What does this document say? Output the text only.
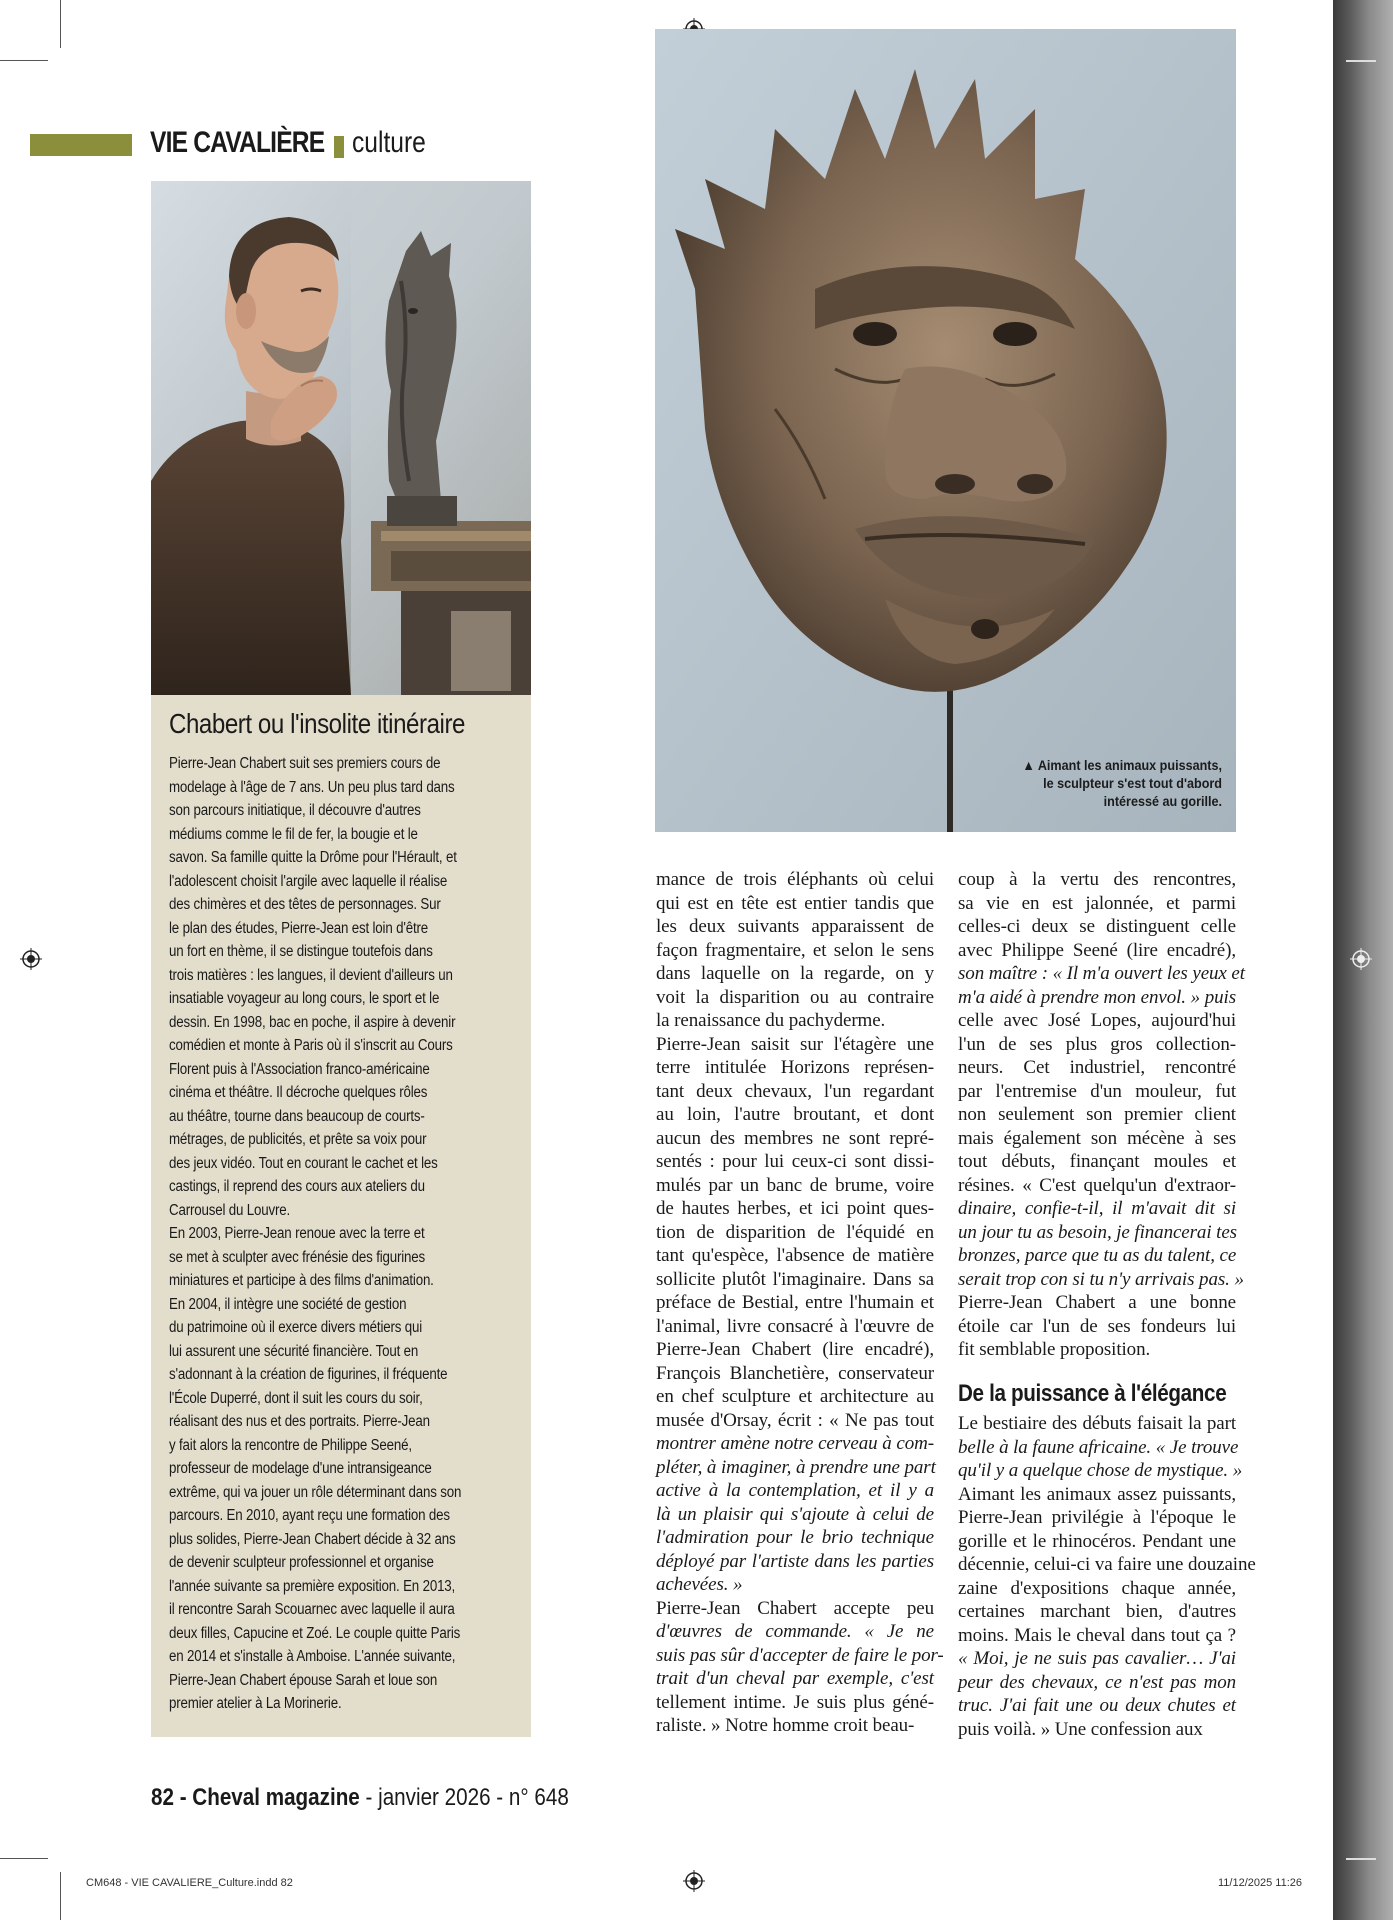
VIE CAVALIÈRE culture
▲ Aimant les animaux puissants,
le sculpteur s'est tout d'abord
intéressé au gorille.
Chabert ou l'insolite itinéraire
Pierre-Jean Chabert suit ses premiers cours de
modelage à l'âge de 7 ans. Un peu plus tard dans
son parcours initiatique, il découvre d'autres
médiums comme le fil de fer, la bougie et le
savon. Sa famille quitte la Drôme pour l'Hérault, et
l'adolescent choisit l'argile avec laquelle il réalise
des chimères et des têtes de personnages. Sur
le plan des études, Pierre-Jean est loin d'être
un fort en thème, il se distingue toutefois dans
trois matières : les langues, il devient d'ailleurs un
insatiable voyageur au long cours, le sport et le
dessin. En 1998, bac en poche, il aspire à devenir
comédien et monte à Paris où il s'inscrit au Cours
Florent puis à l'Association franco-américaine
cinéma et théâtre. Il décroche quelques rôles
au théâtre, tourne dans beaucoup de courts-
métrages, de publicités, et prête sa voix pour
des jeux vidéo. Tout en courant le cachet et les
castings, il reprend des cours aux ateliers du
Carrousel du Louvre.
En 2003, Pierre-Jean renoue avec la terre et
se met à sculpter avec frénésie des figurines
miniatures et participe à des films d'animation.
En 2004, il intègre une société de gestion
du patrimoine où il exerce divers métiers qui
lui assurent une sécurité financière. Tout en
s'adonnant à la création de figurines, il fréquente
l'École Duperré, dont il suit les cours du soir,
réalisant des nus et des portraits. Pierre-Jean
y fait alors la rencontre de Philippe Seené,
professeur de modelage d'une intransigeance
extrême, qui va jouer un rôle déterminant dans son
parcours. En 2010, ayant reçu une formation des
plus solides, Pierre-Jean Chabert décide à 32 ans
de devenir sculpteur professionnel et organise
l'année suivante sa première exposition. En 2013,
il rencontre Sarah Scouarnec avec laquelle il aura
deux filles, Capucine et Zoé. Le couple quitte Paris
en 2014 et s'installe à Amboise. L'année suivante,
Pierre-Jean Chabert épouse Sarah et loue son
premier atelier à La Morinerie.
mance de trois éléphants où celui
qui est en tête est entier tandis que
les deux suivants apparaissent de
façon fragmentaire, et selon le sens
dans laquelle on la regarde, on y
voit la disparition ou au contraire
la renaissance du pachyderme.
Pierre-Jean saisit sur l'étagère une
terre intitulée Horizons représen-
tant deux chevaux, l'un regardant
au loin, l'autre broutant, et dont
aucun des membres ne sont repré-
sentés : pour lui ceux-ci sont dissi-
mulés par un banc de brume, voire
de hautes herbes, et ici point ques-
tion de disparition de l'équidé en
tant qu'espèce, l'absence de matière
sollicite plutôt l'imaginaire. Dans sa
préface de Bestial, entre l'humain et
l'animal, livre consacré à l'œuvre de
Pierre-Jean Chabert (lire encadré),
François Blanchetière, conservateur
en chef sculpture et architecture au
musée d'Orsay, écrit : « Ne pas tout
montrer amène notre cerveau à com-
pléter, à imaginer, à prendre une part
active à la contemplation, et il y a
là un plaisir qui s'ajoute à celui de
l'admiration pour le brio technique
déployé par l'artiste dans les parties
achevées. »
Pierre-Jean Chabert accepte peu
d'œuvres de commande. « Je ne
suis pas sûr d'accepter de faire le por-
trait d'un cheval par exemple, c'est
tellement intime. Je suis plus géné-
raliste. » Notre homme croit beau-
coup à la vertu des rencontres,
sa vie en est jalonnée, et parmi
celles-ci deux se distinguent celle
avec Philippe Seené (lire encadré),
son maître : « Il m'a ouvert les yeux et
m'a aidé à prendre mon envol. » puis
celle avec José Lopes, aujourd'hui
l'un de ses plus gros collection-
neurs. Cet industriel, rencontré
par l'entremise d'un mouleur, fut
non seulement son premier client
mais également son mécène à ses
tout débuts, finançant moules et
résines. « C'est quelqu'un d'extraor-
dinaire, confie-t-il, il m'avait dit si
un jour tu as besoin, je financerai tes
bronzes, parce que tu as du talent, ce
serait trop con si tu n'y arrivais pas. »
Pierre-Jean Chabert a une bonne
étoile car l'un de ses fondeurs lui
fit semblable proposition.
De la puissance à l'élégance
Le bestiaire des débuts faisait la part
belle à la faune africaine. « Je trouve
qu'il y a quelque chose de mystique. »
Aimant les animaux assez puissants,
Pierre-Jean privilégie à l'époque le
gorille et le rhinocéros. Pendant une
décennie, celui-ci va faire une douzaine
zaine d'expositions chaque année,
certaines marchant bien, d'autres
moins. Mais le cheval dans tout ça ?
« Moi, je ne suis pas cavalier… J'ai
peur des chevaux, ce n'est pas mon
truc. J'ai fait une ou deux chutes et
puis voilà. » Une confession aux
82 - Cheval magazine - janvier 2026 - n° 648
CM648 - VIE CAVALIERE_Culture.indd 82	11/12/2025 11:26
